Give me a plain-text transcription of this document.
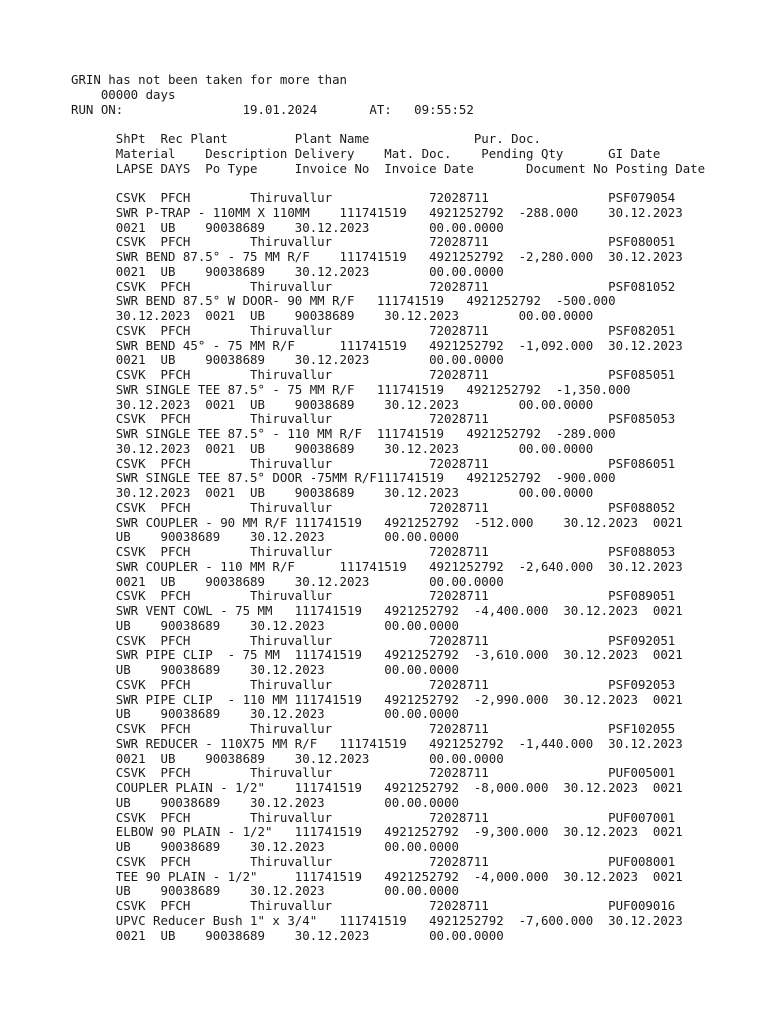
GRIN has not been taken for more than
00000 days
RUN ON:                19.01.2024       AT:   09:55:52
ShPt  Rec Plant         Plant Name              Pur. Doc.
Material    Description Delivery    Mat. Doc.    Pending Qty      GI Date
LAPSE DAYS  Po Type     Invoice No  Invoice Date       Document No Posting Date
CSVK  PFCH        Thiruvallur             72028711                PSF079054
SWR P-TRAP - 110MM X 110MM    111741519   4921252792  -288.000    30.12.2023
0021  UB    90038689    30.12.2023        00.00.0000
CSVK  PFCH        Thiruvallur             72028711                PSF080051
SWR BEND 87.5° - 75 MM R/F    111741519   4921252792  -2,280.000  30.12.2023
0021  UB    90038689    30.12.2023        00.00.0000
CSVK  PFCH        Thiruvallur             72028711                PSF081052
SWR BEND 87.5° W DOOR- 90 MM R/F   111741519   4921252792  -500.000
30.12.2023  0021  UB    90038689    30.12.2023        00.00.0000
CSVK  PFCH        Thiruvallur             72028711                PSF082051
SWR BEND 45° - 75 MM R/F      111741519   4921252792  -1,092.000  30.12.2023
0021  UB    90038689    30.12.2023        00.00.0000
CSVK  PFCH        Thiruvallur             72028711                PSF085051
SWR SINGLE TEE 87.5° - 75 MM R/F   111741519   4921252792  -1,350.000
30.12.2023  0021  UB    90038689    30.12.2023        00.00.0000
CSVK  PFCH        Thiruvallur             72028711                PSF085053
SWR SINGLE TEE 87.5° - 110 MM R/F  111741519   4921252792  -289.000
30.12.2023  0021  UB    90038689    30.12.2023        00.00.0000
CSVK  PFCH        Thiruvallur             72028711                PSF086051
SWR SINGLE TEE 87.5° DOOR -75MM R/F111741519   4921252792  -900.000
30.12.2023  0021  UB    90038689    30.12.2023        00.00.0000
CSVK  PFCH        Thiruvallur             72028711                PSF088052
SWR COUPLER - 90 MM R/F 111741519   4921252792  -512.000    30.12.2023  0021
UB    90038689    30.12.2023        00.00.0000
CSVK  PFCH        Thiruvallur             72028711                PSF088053
SWR COUPLER - 110 MM R/F      111741519   4921252792  -2,640.000  30.12.2023
0021  UB    90038689    30.12.2023        00.00.0000
CSVK  PFCH        Thiruvallur             72028711                PSF089051
SWR VENT COWL - 75 MM   111741519   4921252792  -4,400.000  30.12.2023  0021
UB    90038689    30.12.2023        00.00.0000
CSVK  PFCH        Thiruvallur             72028711                PSF092051
SWR PIPE CLIP  - 75 MM  111741519   4921252792  -3,610.000  30.12.2023  0021
UB    90038689    30.12.2023        00.00.0000
CSVK  PFCH        Thiruvallur             72028711                PSF092053
SWR PIPE CLIP  - 110 MM 111741519   4921252792  -2,990.000  30.12.2023  0021
UB    90038689    30.12.2023        00.00.0000
CSVK  PFCH        Thiruvallur             72028711                PSF102055
SWR REDUCER - 110X75 MM R/F   111741519   4921252792  -1,440.000  30.12.2023
0021  UB    90038689    30.12.2023        00.00.0000
CSVK  PFCH        Thiruvallur             72028711                PUF005001
COUPLER PLAIN - 1/2"    111741519   4921252792  -8,000.000  30.12.2023  0021
UB    90038689    30.12.2023        00.00.0000
CSVK  PFCH        Thiruvallur             72028711                PUF007001
ELBOW 90 PLAIN - 1/2"   111741519   4921252792  -9,300.000  30.12.2023  0021
UB    90038689    30.12.2023        00.00.0000
CSVK  PFCH        Thiruvallur             72028711                PUF008001
TEE 90 PLAIN - 1/2"     111741519   4921252792  -4,000.000  30.12.2023  0021
UB    90038689    30.12.2023        00.00.0000
CSVK  PFCH        Thiruvallur             72028711                PUF009016
UPVC Reducer Bush 1" x 3/4"   111741519   4921252792  -7,600.000  30.12.2023
0021  UB    90038689    30.12.2023        00.00.0000
